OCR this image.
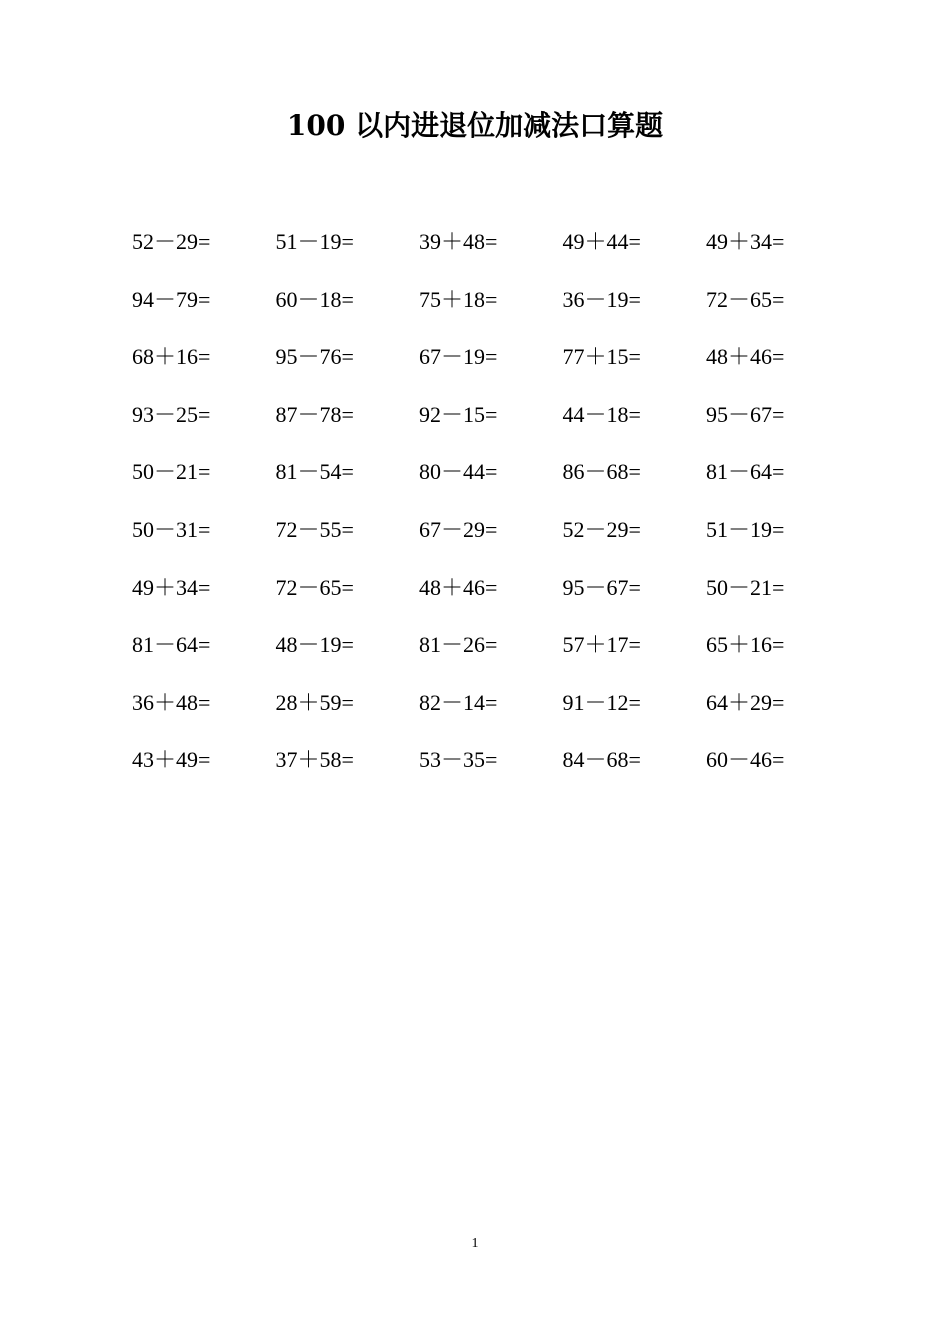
100 以内进退位加减法口算题
52－29=	51－19=	39＋48=	49＋44=	49＋34=
94－79=	60－18=	75＋18=	36－19=	72－65=
68＋16=	95－76=	67－19=	77＋15=	48＋46=
93－25=	87－78=	92－15=	44－18=	95－67=
50－21=	81－54=	80－44=	86－68=	81－64=
50－31=	72－55=	67－29=	52－29=	51－19=
49＋34=	72－65=	48＋46=	95－67=	50－21=
81－64=	48－19=	81－26=	57＋17=	65＋16=
36＋48=	28＋59=	82－14=	91－12=	64＋29=
43＋49=	37＋58=	53－35=	84－68=	60－46=
1
